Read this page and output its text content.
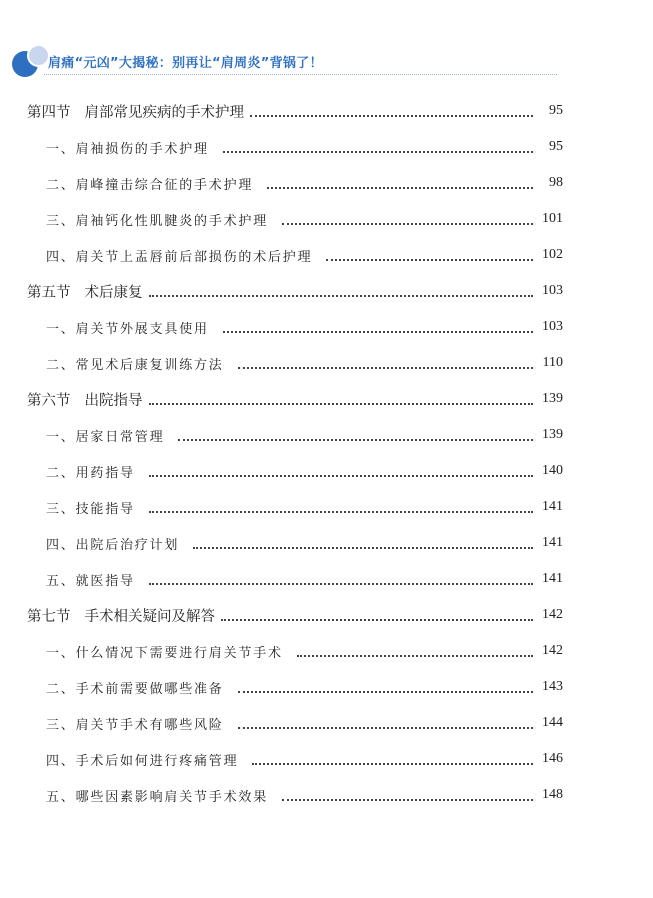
肩痛“元凶”大揭秘：别再让“肩周炎”背锅了！
第四节 肩部常见疾病的手术护理	95
一、 肩袖损伤的手术护理	95
二、 肩峰撞击综合征的手术护理	98
三、 肩袖钙化性肌腱炎的手术护理	101
四、 肩关节上盂唇前后部损伤的术后护理	102
第五节 术后康复	103
一、 肩关节外展支具使用	103
二、 常见术后康复训练方法	110
第六节 出院指导	139
一、 居家日常管理	139
二、 用药指导	140
三、 技能指导	141
四、 出院后治疗计划	141
五、 就医指导	141
第七节 手术相关疑问及解答	142
一、 什么情况下需要进行肩关节手术	142
二、 手术前需要做哪些准备	143
三、 肩关节手术有哪些风险	144
四、 手术后如何进行疼痛管理	146
五、 哪些因素影响肩关节手术效果	148
